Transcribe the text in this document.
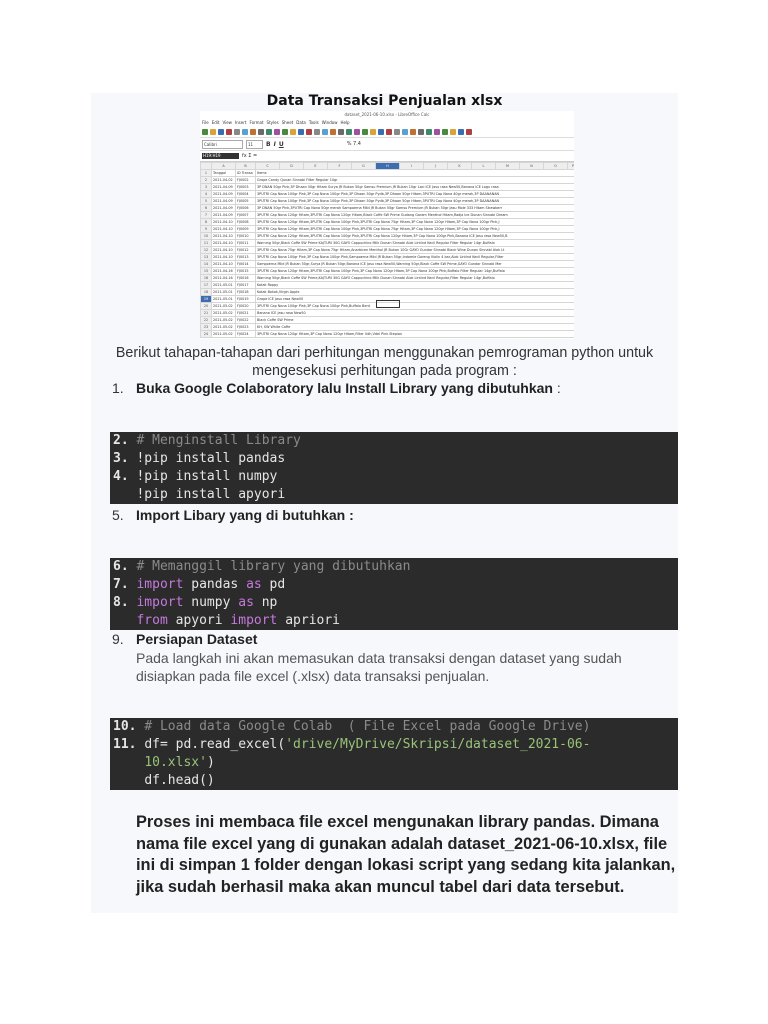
Data Transaksi Penjualan xlsx
dataset_2021-06-10.xlsx - LibreOffice Calc
File Edit View Insert Format Styles Sheet Data Tools Window Help
Calibri	11	B I U	% 7.4
H19:H19	fx Σ =
	A	B	C	D	E	F	G	H	I	J	K	L	M	N	O	P
1	Tanggal	ID Transa	Items													
2	2021-04-02	FJ0002	Grape Candy Qunan Sinnabi Filter Regular 10gr													
3	2021-04-09	FJ0003	3P DNAN 50gr Pink,3P Dhaan 50gr Hitam Surya JR Bukan 50gr Samsu Premium JR Bukan 10gr Laci ICE Jasu rasa New50,Banana ICE Lagu rasa													
4	2021-04-09	FJ0004	3PUTRI Cap Nona 100gr Pink,3P Cap Nona 100gr Pink,3P Dhaan 50gr Pydb,3P Dhaan 50gr Hitam,3PUTRI Cap Nona 40gr merah,3P DAANANAN													
5	2021-04-09	FJ0005	3PUTRI Cap Nona 100gr Pink,3P Cap Nona 100gr Pink,3P Dhaan 50gr Pydb,3P Dhaan 50gr Hitam,3PUTRI Cap Nona 40gr merah,3P DAANANAN													
6	2021-04-09	FJ0006	3P DNAN 50gr Pink,3PUTRI Cap Nona 50gr merah Sampoerna Mild JR Bukan 50gr Samsu Premium JR Bukan 50gr Jasu Mole 333 Hitam Strawberr													
7	2021-04-09	FJ0007	3PUTRI Cap Nona 120gr Hitam,3PUTRI Cap Nona 120gr Hitam,Black Coffe SW Prime Gudang Garam Menthol Hitam,Radja Ice Dunan Sinnabi Dream													
8	2021-04-10	FJ0008	3PUTRI Cap Nona 120gr Hitam,3PUTRI Cap Nona 100gr Pink,3PUTRI Cap Nona 75gr Hitam,3P Cap Nona 120gr Hitam,3P Cap Nona 100gr Pink,J													
9	2021-04-10	FJ0009	3PUTRI Cap Nona 120gr Hitam,3PUTRI Cap Nona 100gr Pink,3PUTRI Cap Nona 75gr Hitam,3P Cap Nona 120gr Hitam,3P Cap Nona 100gr Pink,J													
10	2021-04-10	FJ0010	3PUTRI Cap Nona 120gr Hitam,3PUTRI Cap Nona 100gr Pink,3PUTRI Cap Nona 120gr Hitam,3P Cap Nona 100gr Pink,Banana ICE Jasu rasa New50,B													
11	2021-04-10	FJ0011	Warning 50gr,Black Coffe SW Prime KAJTURI 30G GAYO Cappuchino Milk Dunan Sinnabi Alok Lintind Kecil Regular Filter Regular 14gr,Buffalo													
12	2021-04-10	FJ0012	3PUTRI Cap Nona 75gr Hitam,3P Cap Nona 75gr Hitam,Anarbicen Menthol JR Bukan 10Gr GAYO Gundar Sinnabi Black Wine Dunan Sinnabi Alok Lt													
13	2021-04-10	FJ0013	3PUTRI Cap Nona 100gr Pink,3P Cap Nona 100gr Pink,Sampoerna Mild JR Bukan 50gr,Indomie Goreng Violin 4 bar,Alok Lintind Kecil Regular,Filter													
14	2021-04-10	FJ0014	Sampoerna Mild JR Bukan 50gr,Surya JR Bukan 50gr,Banana ICE Jasu rasa New50,Warning 50gr,Black Coffe SW Prime,GAYO Gundar Sinnabi Mer													
15	2021-04-16	FJ0015	3PUTRI Cap Nona 120gr Hitam,3PUTRI Cap Nona 100gr Pink,3P Cap Nona 120gr Hitam,3P Cap Nona 100gr Pink,Buffalo Filter Regular 14gr,Buffalo													
16	2021-04-16	FJ0016	Warning 50gr,Black Coffe SW Prime,KAJTURI 30G GAYO Cappuchino Milk Dunan Sinnabi Alok Lintind Kecil Regular,Filter Regular 14gr,Buffalo													
17	2021-05-01	FJ0017	Kotak Roppy													
18	2021-05-01	FJ0018	Kotak Bokok,Virgin Apple													
19	2021-05-01	FJ0019	Grape ICE Jasu rasa New50													
20	2021-05-02	FJ0020	3PUTRI Cap Nona 100gr Pink,3P Cap Nona 100gr Pink,Buffalo Bent													
21	2021-05-02	FJ0021	Banana ICE Jasu rasa New50													
22	2021-05-02	FJ0022	Black Coffe SW Prime													
23	2021-05-02	FJ0023	KH, SW White Coffe													
24	2021-05-02	FJ0024	3PUTRI Cap Nona 120gr Hitam,3P Cap Nona 120gr Hitam,Filter Vdh,Vdel Pink Stepian													
Berikut tahapan-tahapan dari perhitungan menggunakan pemrograman python untuk mengesekusi perhitungan pada program :
1. Buka Google Colaboratory lalu Install Library yang dibutuhkan :
2. # Menginstall Library
3. !pip install pandas
4. !pip install numpy
!pip install apyori
5. Import Libary yang di butuhkan :
6. # Memanggil library yang dibutuhkan
7. import pandas as pd
8. import numpy as np
from apyori import apriori
9. Persiapan Dataset
Pada langkah ini akan memasukan data transaksi dengan dataset yang sudah disiapkan pada file excel (.xlsx) data transaksi penjualan.
10. # Load data Google Colab  ( File Excel pada Google Drive)
11. df= pd.read_excel('drive/MyDrive/Skripsi/dataset_2021-06-
10.xlsx')
df.head()
Proses ini membaca file excel mengunakan library pandas. Dimana nama file excel yang di gunakan adalah dataset_2021-06-10.xlsx, file ini di simpan 1 folder dengan lokasi script yang sedang kita jalankan, jika sudah berhasil maka akan muncul tabel dari data tersebut.
